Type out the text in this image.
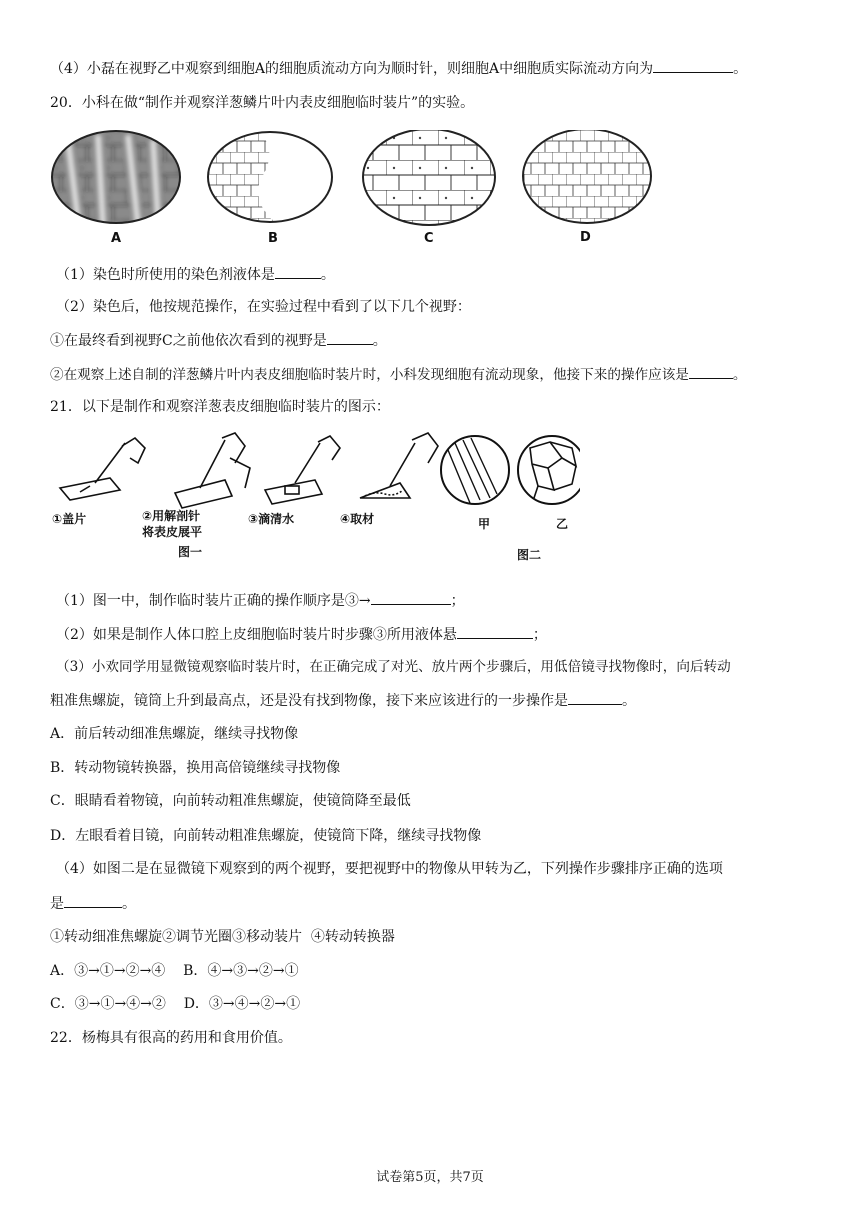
（4）小磊在视野乙中观察到细胞A的细胞质流动方向为顺时针，则细胞A中细胞质实际流动方向为	。
20．小科在做“制作并观察洋葱鳞片叶内表皮细胞临时装片”的实验。
A	B	C	D
（1）染色时所使用的染色剂液体是	。
（2）染色后，他按规范操作，在实验过程中看到了以下几个视野：
①在最终看到视野C之前他依次看到的视野是	。
②在观察上述自制的洋葱鳞片叶内表皮细胞临时装片时，小科发现细胞有流动现象，他接下来的操作应该是	。
21．以下是制作和观察洋葱表皮细胞临时装片的图示：
①盖片	②用解剖针
将表皮展平
③滴清水	④取材
图一
甲	乙
图二
（1）图一中，制作临时装片正确的操作顺序是③→	；
（2）如果是制作人体口腔上皮细胞临时装片时步骤③所用液体悬	；
（3）小欢同学用显微镜观察临时装片时，在正确完成了对光、放片两个步骤后，用低倍镜寻找物像时，向后转动
粗准焦螺旋，镜筒上升到最高点，还是没有找到物像，接下来应该进行的一步操作是	。
A．前后转动细准焦螺旋，继续寻找物像
B．转动物镜转换器，换用高倍镜继续寻找物像
C．眼睛看着物镜，向前转动粗准焦螺旋，使镜筒降至最低
D．左眼看着目镜，向前转动粗准焦螺旋，使镜筒下降，继续寻找物像
（4）如图二是在显微镜下观察到的两个视野，要把视野中的物像从甲转为乙，下列操作步骤排序正确的选项
是	。
①转动细准焦螺旋②调节光圈③移动装片  ④转动转换器
A．③→①→②→④    B．④→③→②→①
C．③→①→④→②    D．③→④→②→①
22．杨梅具有很高的药用和食用价值。
试卷第5页，共7页
